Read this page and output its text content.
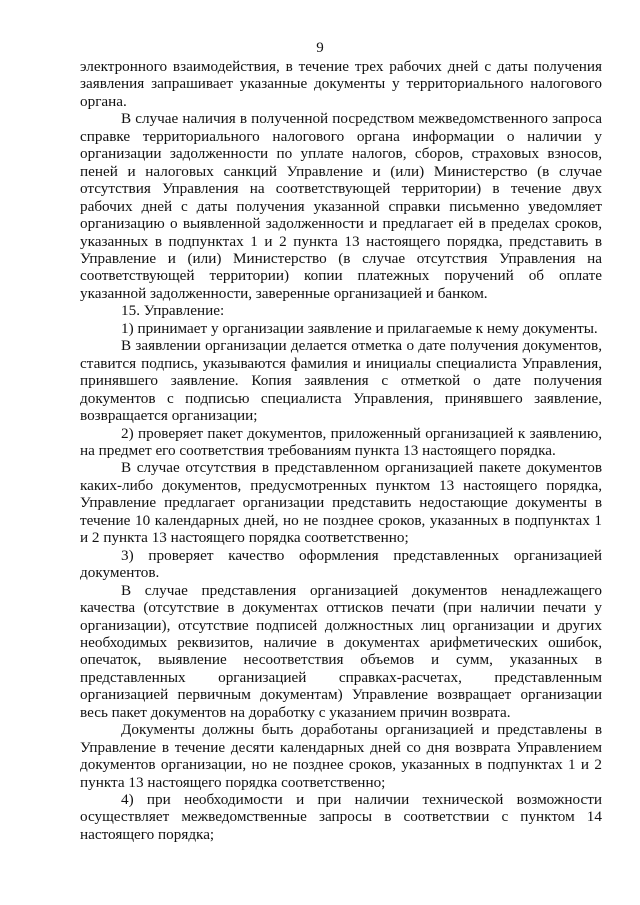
9

электронного взаимодействия, в течение трех рабочих дней с даты получения заявления запрашивает указанные документы у территориального налогового органа.

В случае наличия в полученной посредством межведомственного запроса справке территориального налогового органа информации о наличии у организации задолженности по уплате налогов, сборов, страховых взносов, пеней и налоговых санкций Управление и (или) Министерство (в случае отсутствия Управления на соответствующей территории) в течение двух рабочих дней с даты получения указанной справки письменно уведомляет организацию о выявленной задолженности и предлагает ей в пределах сроков, указанных в подпунктах 1 и 2 пункта 13 настоящего порядка, представить в Управление и (или) Министерство (в случае отсутствия Управления на соответствующей территории) копии платежных поручений об оплате указанной задолженности, заверенные организацией и банком.

15. Управление:

1) принимает у организации заявление и прилагаемые к нему документы.

В заявлении организации делается отметка о дате получения документов, ставится подпись, указываются фамилия и инициалы специалиста Управления, принявшего заявление. Копия заявления с отметкой о дате получения документов с подписью специалиста Управления, принявшего заявление, возвращается организации;

2) проверяет пакет документов, приложенный организацией к заявлению, на предмет его соответствия требованиям пункта 13 настоящего порядка.

В случае отсутствия в представленном организацией пакете документов каких-либо документов, предусмотренных пунктом 13 настоящего порядка, Управление предлагает организации представить недостающие документы в течение 10 календарных дней, но не позднее сроков, указанных в подпунктах 1 и 2 пункта 13 настоящего порядка соответственно;

3) проверяет качество оформления представленных организацией документов.

В случае представления организацией документов ненадлежащего качества (отсутствие в документах оттисков печати (при наличии печати у организации), отсутствие подписей должностных лиц организации и других необходимых реквизитов, наличие в документах арифметических ошибок, опечаток, выявление несоответствия объемов и сумм, указанных в представленных организацией справках-расчетах, представленным организацией первичным документам) Управление возвращает организации весь пакет документов на доработку с указанием причин возврата.

Документы должны быть доработаны организацией и представлены в Управление в течение десяти календарных дней со дня возврата Управлением документов организации, но не позднее сроков, указанных в подпунктах 1 и 2 пункта 13 настоящего порядка соответственно;

4) при необходимости и при наличии технической возможности осуществляет межведомственные запросы в соответствии с пунктом 14 настоящего порядка;
